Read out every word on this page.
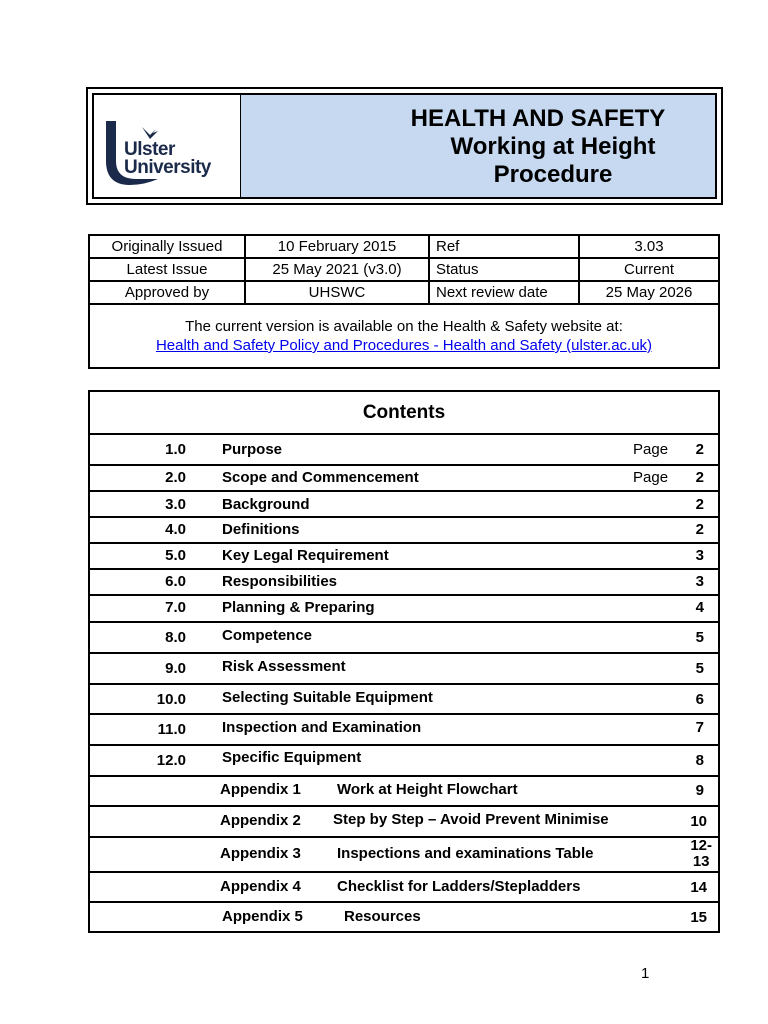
Ulster
University
HEALTH AND SAFETY
Working at Height
Procedure
Originally Issued	10 February 2015	Ref	3.03
Latest Issue	25 May 2021 (v3.0)	Status	Current
Approved by	UHSWC	Next review date	25 May 2026

The current version is available on the Health & Safety website at:
Health and Safety Policy and Procedures - Health and Safety (ulster.ac.uk)			
Contents
1.0 Purpose	Page 2
2.0 Scope and Commencement	Page 2
3.0 Background	2
4.0 Definitions	2
5.0 Key Legal Requirement	3
6.0 Responsibilities	3
7.0 Planning & Preparing	4
8.0 Competence	5
9.0 Risk Assessment	5
10.0 Selecting Suitable Equipment	6
11.0 Inspection and Examination	7
12.0 Specific Equipment	8
Appendix 1 Work at Height Flowchart	9
Appendix 2 Step by Step – Avoid Prevent Minimise	10
Appendix 3 Inspections and examinations Table	12-
13
Appendix 4 Checklist for Ladders/Stepladders	14
Appendix 5	Resources	15
1
